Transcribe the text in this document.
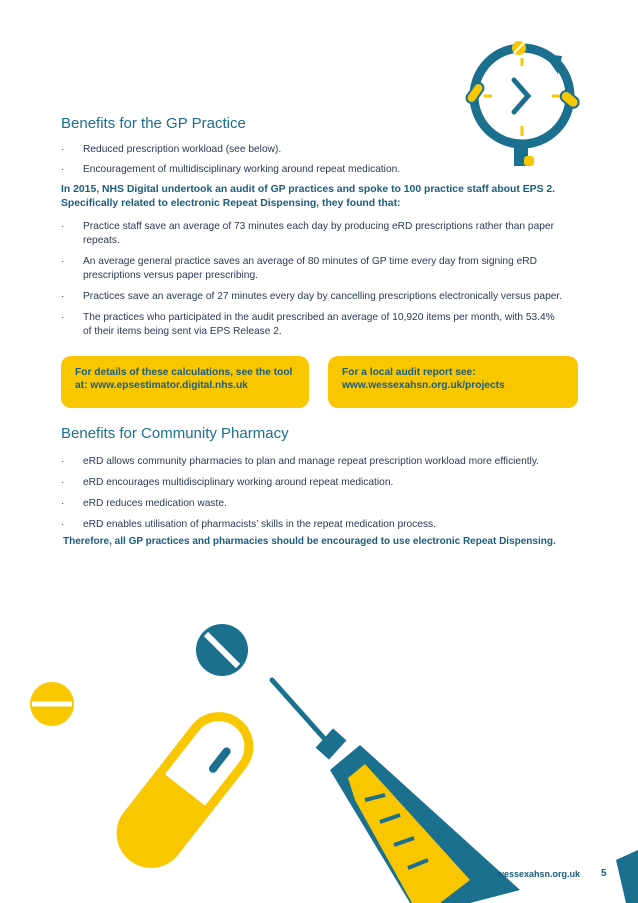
Benefits for the GP Practice
· Reduced prescription workload (see below).
· Encouragement of multidisciplinary working around repeat medication.
In 2015, NHS Digital undertook an audit of GP practices and spoke to 100 practice staff about EPS 2.
Specifically related to electronic Repeat Dispensing, they found that:
· Practice staff save an average of 73 minutes each day by producing eRD prescriptions rather than paper repeats.
· An average general practice saves an average of 80 minutes of GP time every day from signing eRD prescriptions versus paper prescribing.
· Practices save an average of 27 minutes every day by cancelling prescriptions electronically versus paper.
· The practices who participated in the audit prescribed an average of 10,920 items per month, with 53.4% of their items being sent via EPS Release 2.
For details of these calculations, see the tool
at: www.epsestimator.digital.nhs.uk
For a local audit report see:
www.wessexahsn.org.uk/projects
Benefits for Community Pharmacy
· eRD allows community pharmacies to plan and manage repeat prescription workload more efficiently.
· eRD encourages multidisciplinary working around repeat medication.
· eRD reduces medication waste.
· eRD enables utilisation of pharmacists’ skills in the repeat medication process.
Therefore, all GP practices and pharmacies should be encouraged to use electronic Repeat Dispensing.
wessexahsn.org.uk 5
